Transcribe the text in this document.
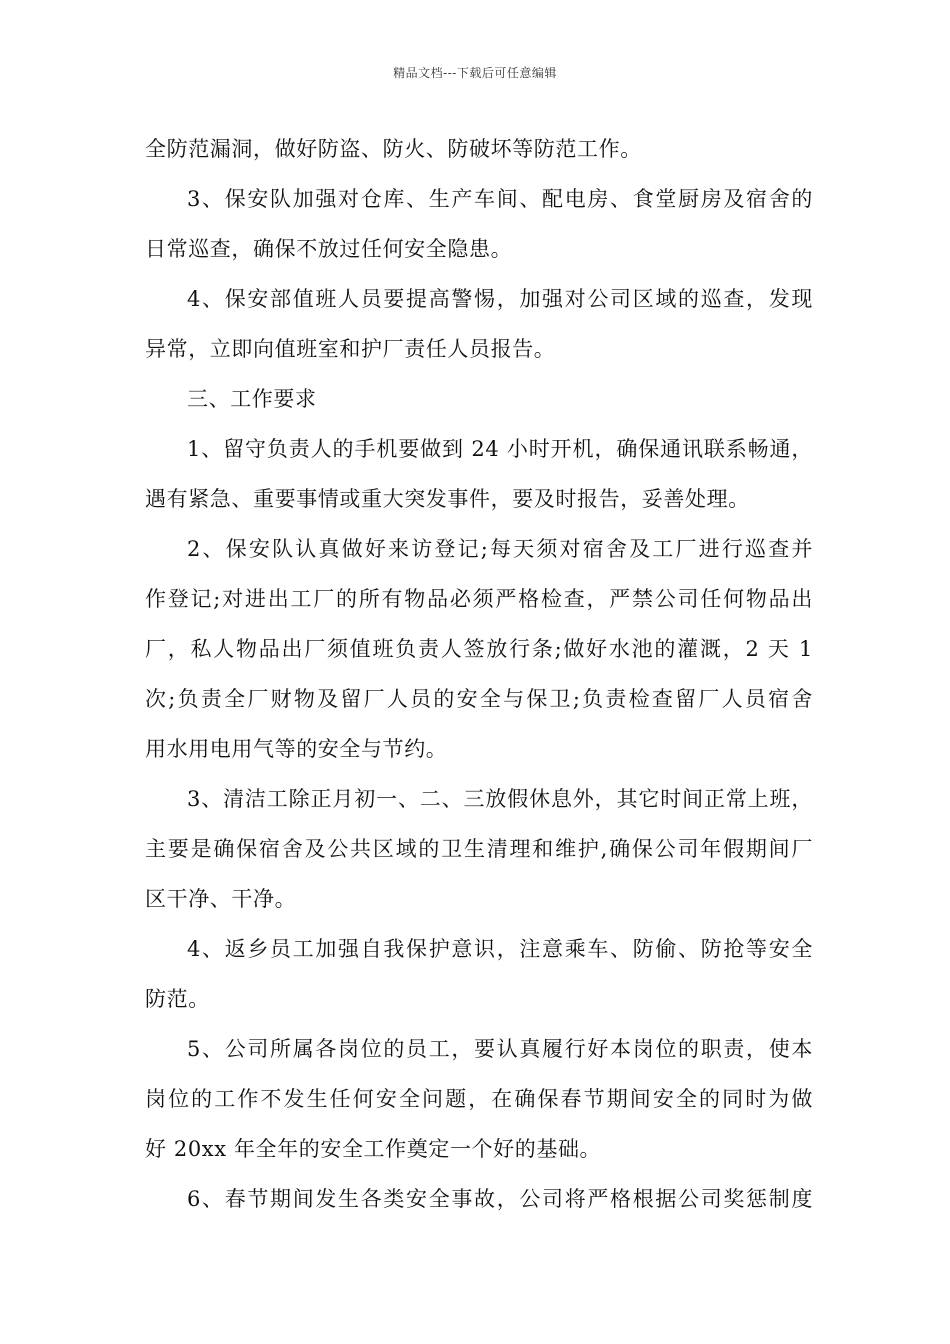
精品文档---下载后可任意编辑
全防范漏洞，做好防盗、防火、防破坏等防范工作。
3、保安队加强对仓库、生产车间、配电房、食堂厨房及宿舍的
日常巡查，确保不放过任何安全隐患。
4、保安部值班人员要提高警惕，加强对公司区域的巡查，发现
异常，立即向值班室和护厂责任人员报告。
三、工作要求
1、留守负责人的手机要做到 24 小时开机，确保通讯联系畅通，
遇有紧急、重要事情或重大突发事件，要及时报告，妥善处理。
2、保安队认真做好来访登记;每天须对宿舍及工厂进行巡查并
作登记;对进出工厂的所有物品必须严格检查，严禁公司任何物品出
厂，私人物品出厂须值班负责人签放行条;做好水池的灌溉，2 天 1
次;负责全厂财物及留厂人员的安全与保卫;负责检查留厂人员宿舍
用水用电用气等的安全与节约。
3、清洁工除正月初一、二、三放假休息外，其它时间正常上班，
主要是确保宿舍及公共区域的卫生清理和维护,确保公司年假期间厂
区干净、干净。
4、返乡员工加强自我保护意识，注意乘车、防偷、防抢等安全
防范。
5、公司所属各岗位的员工，要认真履行好本岗位的职责，使本
岗位的工作不发生任何安全问题，在确保春节期间安全的同时为做
好 20xx 年全年的安全工作奠定一个好的基础。
6、春节期间发生各类安全事故，公司将严格根据公司奖惩制度
